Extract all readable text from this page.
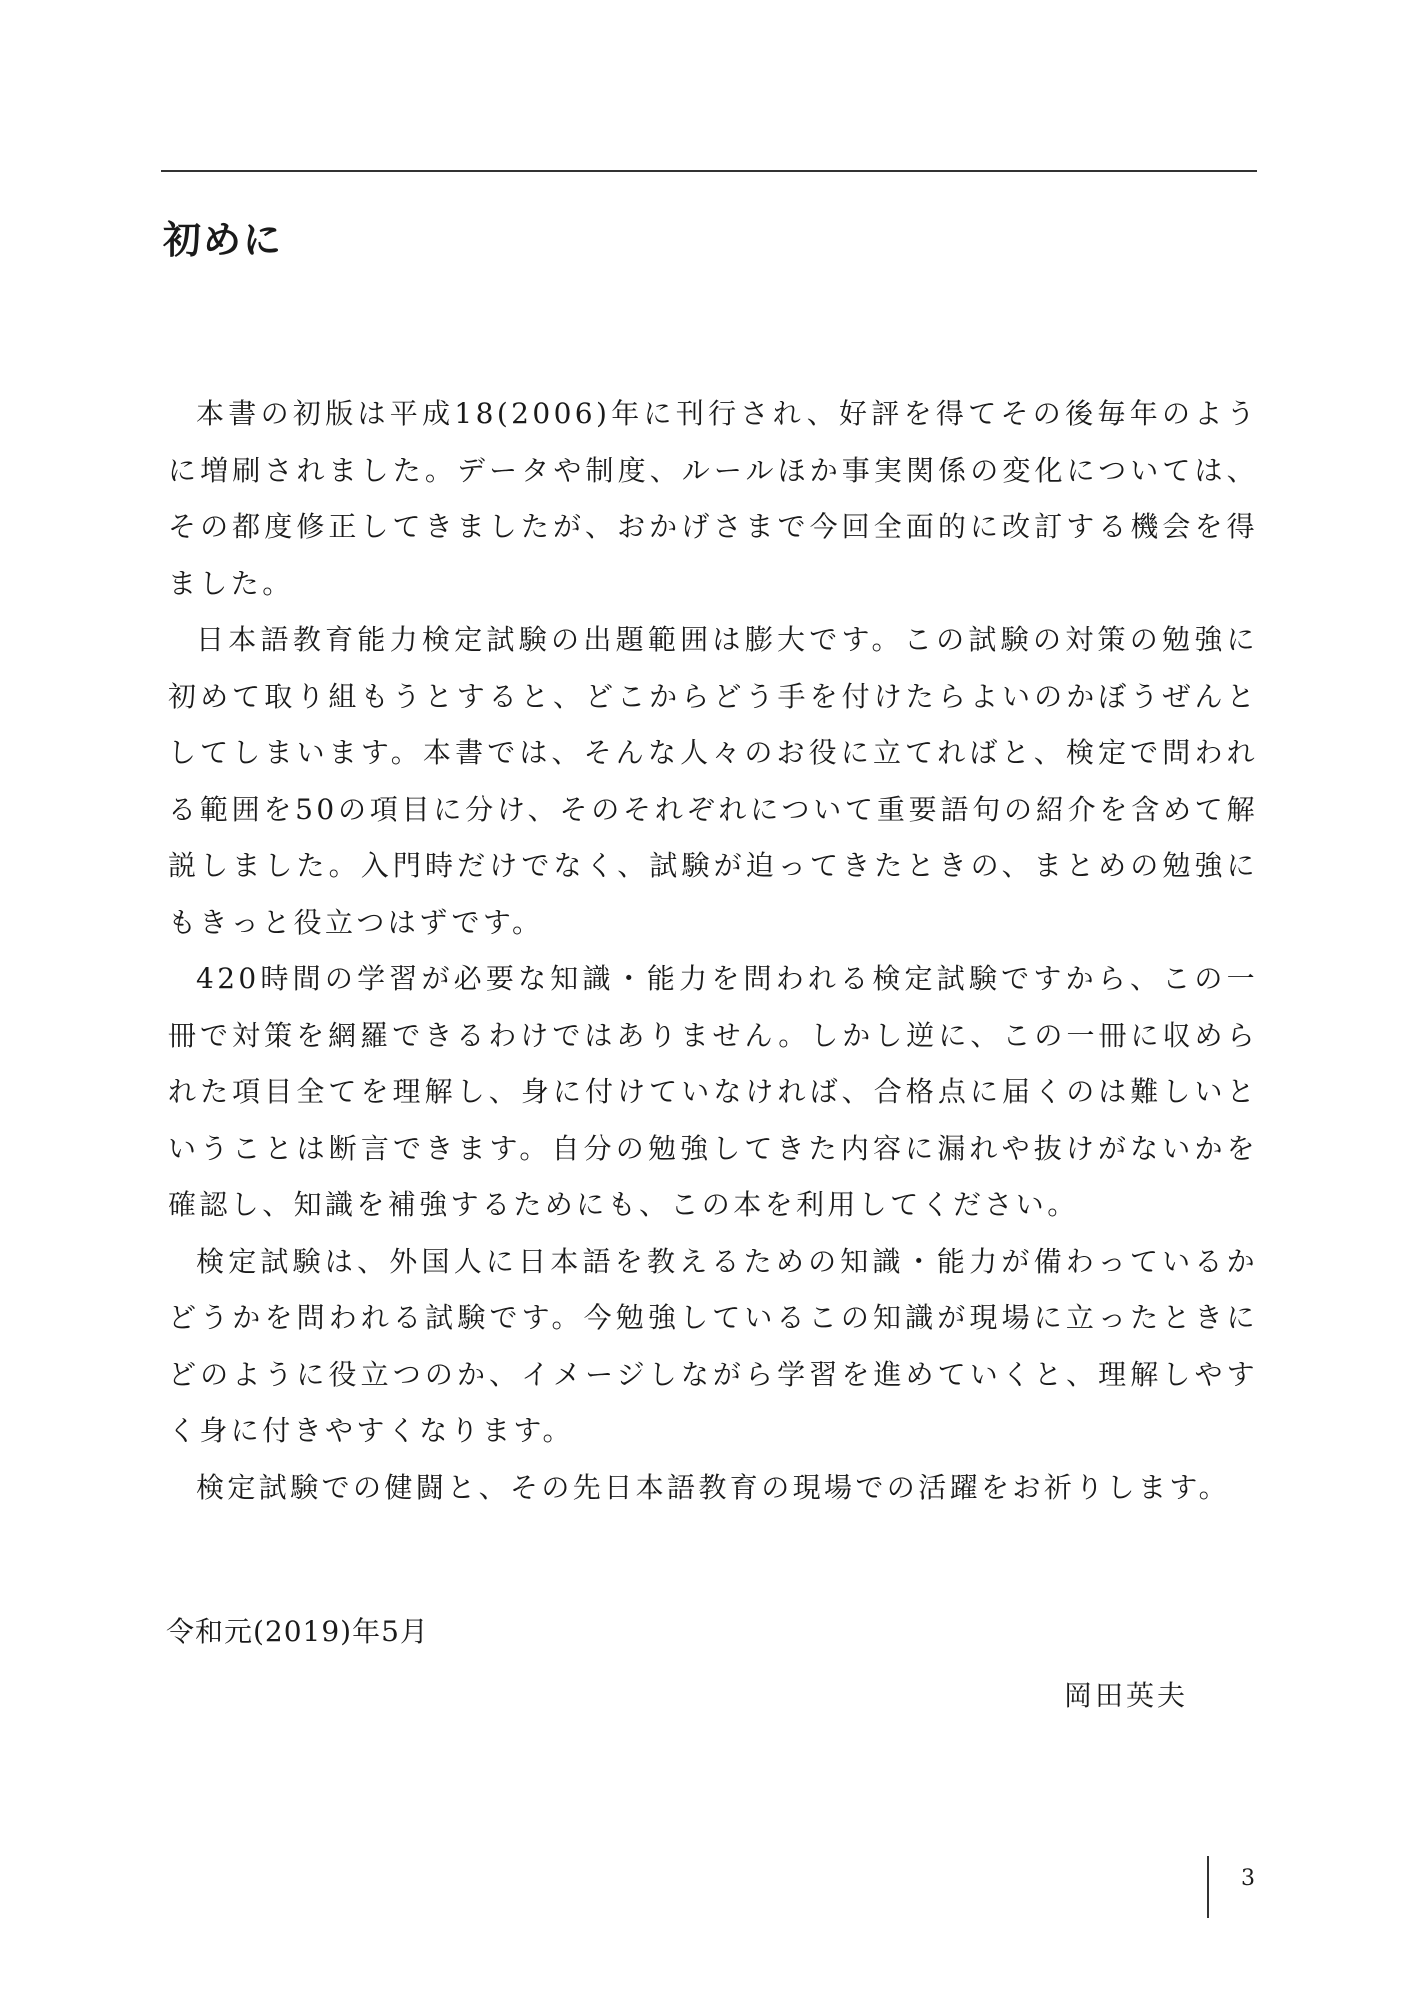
初めに

本書の初版は平成18(2006)年に刊行され、好評を得てその後毎年のように増刷されました。データや制度、ルールほか事実関係の変化については、その都度修正してきましたが、おかげさまで今回全面的に改訂する機会を得ました。

日本語教育能力検定試験の出題範囲は膨大です。この試験の対策の勉強に初めて取り組もうとすると、どこからどう手を付けたらよいのかぼうぜんとしてしまいます。本書では、そんな人々のお役に立てればと、検定で問われる範囲を50の項目に分け、そのそれぞれについて重要語句の紹介を含めて解説しました。入門時だけでなく、試験が迫ってきたときの、まとめの勉強にもきっと役立つはずです。

420時間の学習が必要な知識・能力を問われる検定試験ですから、この一冊で対策を網羅できるわけではありません。しかし逆に、この一冊に収められた項目全てを理解し、身に付けていなければ、合格点に届くのは難しいということは断言できます。自分の勉強してきた内容に漏れや抜けがないかを確認し、知識を補強するためにも、この本を利用してください。

検定試験は、外国人に日本語を教えるための知識・能力が備わっているかどうかを問われる試験です。今勉強しているこの知識が現場に立ったときにどのように役立つのか、イメージしながら学習を進めていくと、理解しやすく身に付きやすくなります。

検定試験での健闘と、その先日本語教育の現場での活躍をお祈りします。

令和元(2019)年5月

岡田英夫

3
